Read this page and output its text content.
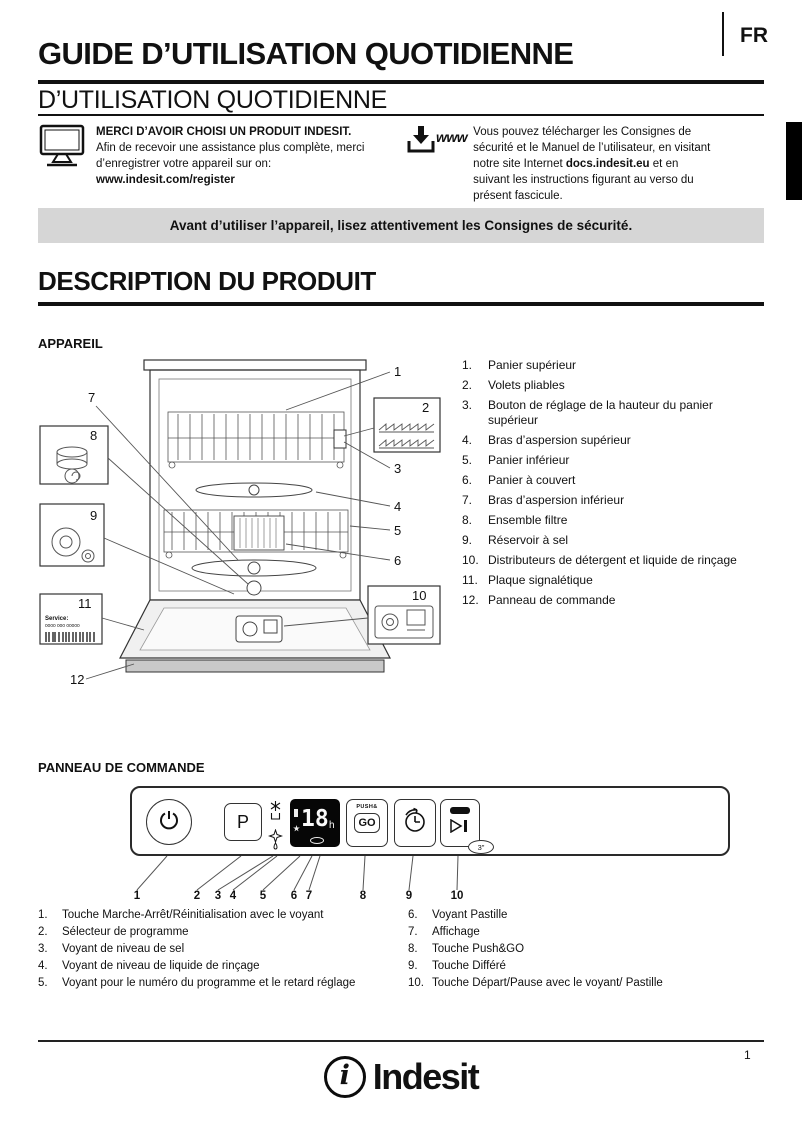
FR
GUIDE D’UTILISATION QUOTIDIENNE
D’UTILISATION QUOTIDIENNE
MERCI D’AVOIR CHOISI UN PRODUIT INDESIT.
Afin de recevoir une assistance plus complète, merci d’enregistrer votre appareil sur on:
www.indesit.com/register
www Vous pouvez télécharger les Consignes de sécurité et le Manuel de l’utilisateur, en visitant notre site Internet docs.indesit.eu et en suivant les instructions figurant au verso du présent fascicule.
Avant d’utiliser l’appareil, lisez attentivement les Consignes de sécurité.
DESCRIPTION DU PRODUIT
APPAREIL
Service:
0000 000 00000
1
2
3
4
5
6
7
8
9
10
11
12
1.	Panier supérieur
2.	Volets pliables
3.	Bouton de réglage de la hauteur du panier supérieur
4.	Bras d’aspersion supérieur
5.	Panier inférieur
6.	Panier à couvert
7.	Bras d’aspersion inférieur
8.	Ensemble filtre
9.	Réservoir à sel
10. Distributeurs de détergent et liquide de rinçage
11. Plaque signalétique
12. Panneau de commande
PANNEAU DE COMMANDE
P 18 h
PUSH&
GO
3"
1	2 3 4 5 6 7	8	9	10
1.	Touche Marche-Arrêt/Réinitialisation avec le voyant
2.	Sélecteur de programme
3.	Voyant de niveau de sel
4.	Voyant de niveau de liquide de rinçage
5.	Voyant pour le numéro du programme et le retard réglage
6.	Voyant Pastille
7.	Affichage
8.	Touche Push&GO
9.	Touche Différé
10. Touche Départ/Pause avec le voyant/ Pastille
1
i Indesit
